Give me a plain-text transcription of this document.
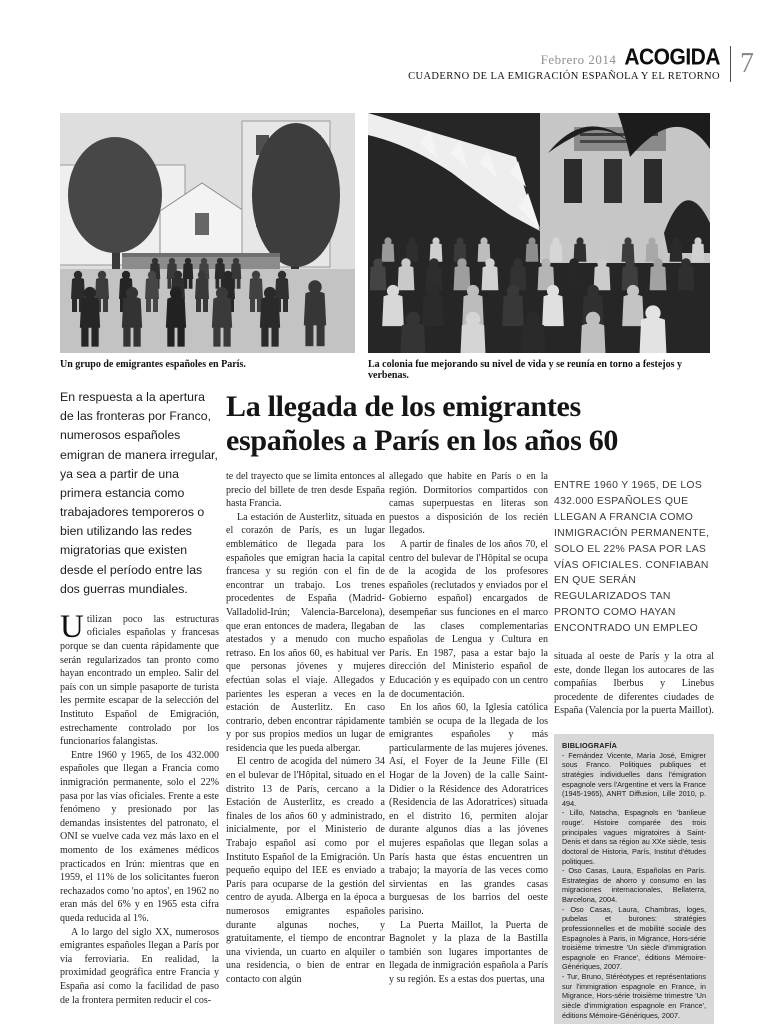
Febrero 2014 ACOGIDA
CUADERNO DE LA EMIGRACIÓN ESPAÑOLA Y EL RETORNO 7
Un grupo de emigrantes españoles en París.	La colonia fue mejorando su nivel de vida y se reunía en torno a festejos y verbenas.
La llegada de los emigrantes españoles a París en los años 60
En respuesta a la apertura de las fronteras por Franco, numerosos españoles emigran de manera irregular, ya sea a partir de una primera estancia como trabajadores temporeros o bien utilizando las redes migratorias que existen desde el período entre las dos guerras mundiales.

Utilizan poco las estructuras oficiales españolas y francesas porque se dan cuenta rápidamente que serán regularizados tan pronto como hayan encontrado un empleo. Salir del país con un simple pasaporte de turista les permite escapar de la selección del Instituto Español de Emigración, estrechamente controlado por los funcionarios falangistas.

Entre 1960 y 1965, de los 432.000 españoles que llegan a Francia como inmigración permanente, solo el 22% pasa por las vías oficiales. Frente a este fenómeno y presionado por las demandas insistentes del patronato, el ONI se vuelve cada vez más laxo en el momento de los exámenes médicos practicados en Irún: mientras que en 1959, el 11% de los solicitantes fueron rechazados como 'no aptos', en 1962 no eran más del 6% y en 1965 esta cifra queda reducida al 1%.

A lo largo del siglo XX, numerosos emigrantes españoles llegan a París por vía ferroviaria. En realidad, la proximidad geográfica entre Francia y España así como la facilidad de paso de la frontera permiten reducir el cos-

te del trayecto que se limita entonces al precio del billete de tren desde España hasta Francia.

La estación de Austerlitz, situada en el corazón de París, es un lugar emblemático de llegada para los españoles que emigran hacia la capital francesa y su región con el fin de encontrar un trabajo. Los trenes procedentes de España (Madrid-Valladolid-Irún; Valencia-Barcelona), que eran entonces de madera, llegaban atestados y a menudo con mucho retraso. En los años 60, es habitual ver que personas jóvenes y mujeres efectúan solas el viaje. Allegados y parientes les esperan a veces en la estación de Austerlitz. En caso contrario, deben encontrar rápidamente y por sus propios medios un lugar de residencia que les pueda albergar.

El centro de acogida del número 34 en el bulevar de l'Hôpital, situado en el distrito 13 de París, cercano a la Estación de Austerlitz, es creado a finales de los años 60 y administrado, inicialmente, por el Ministerio de Trabajo español así como por el Instituto Español de la Emigración. Un pequeño equipo del IEE es enviado a París para ocuparse de la gestión del centro de ayuda. Alberga en la época a numerosos emigrantes españoles durante algunas noches, y gratuitamente, el tiempo de encontrar una vivienda, un cuarto en alquiler o una residencia, o bien de entrar en contacto con algún

allegado que habite en París o en la región. Dormitorios compartidos con camas superpuestas en literas son puestos a disposición de los recién llegados.

A partir de finales de los años 70, el centro del bulevar de l'Hôpital se ocupa de la acogida de los profesores españoles (reclutados y enviados por el Gobierno español) encargados de desempeñar sus funciones en el marco de las clases complementarias españolas de Lengua y Cultura en París. En 1987, pasa a estar bajo la dirección del Ministerio español de Educación y es equipado con un centro de documentación.

En los años 60, la Iglesia católica también se ocupa de la llegada de los emigrantes españoles y más particularmente de las mujeres jóvenes. Así, el Foyer de la Jeune Fille (El Hogar de la Joven) de la calle Saint-Didier o la Résidence des Adoratrices (Residencia de las Adoratrices) situada en el distrito 16, permiten alojar durante algunos días a las jóvenes mujeres españolas que llegan solas a París hasta que éstas encuentren un trabajo; la mayoría de las veces como sirvientas en las grandes casas burguesas de los barrios del oeste parisino.

La Puerta Maillot, la Puerta de Bagnolet y la plaza de la Bastilla también son lugares importantes de llegada de inmigración española a París y su región. Es a estas dos puertas, una

ENTRE 1960 Y 1965, DE LOS 432.000 ESPAÑOLES QUE LLEGAN A FRANCIA COMO INMIGRACIÓN PERMANENTE, SOLO EL 22% PASA POR LAS VÍAS OFICIALES. CONFIABAN EN QUE SERÁN REGULARIZADOS TAN PRONTO COMO HAYAN ENCONTRADO UN EMPLEO

situada al oeste de París y la otra al este, donde llegan los autocares de las compañías Iberbus y Linebus procedente de diferentes ciudades de España (Valencia por la puerta Maillot).

BIBLIOGRAFÍA

- Fernández Vicente, María José, Emigrer sous Franco. Politiques publiques et stratégies individuelles dans l'émigration espagnole vers l'Argentine et vers la France (1945-1965), ANRT Diffusion, Lille 2010, p. 494.

- Lillo, Natacha, Espagnols en 'banlieue rouge'. Histoire comparée des trois principales vagues migratoires à Saint-Denis et dans sa région au XXe siècle, tesis doctoral de Historia, París, Institut d'études politiques.

- Oso Casas, Laura, Españolas en París. Estrategias de ahorro y consumo en las migraciones internacionales, Bellaterra, Barcelona, 2004.

- Oso Casas, Laura, Chambras, loges, pubelas et burones: stratégies professionnelles et de mobilité sociale des Espagnoles à Paris, in Migrance, Hors-série troisième trimestre 'Un siècle d'immigration espagnole en France', éditions Mémoire-Génériques, 2007.

- Tur, Bruno, Stéréotypes et représentations sur l'immigration espagnole en France, in Migrance, Hors-série troisième trimestre 'Un siècle d'immigration espagnole en France', éditions Mémoire-Génériques, 2007.
